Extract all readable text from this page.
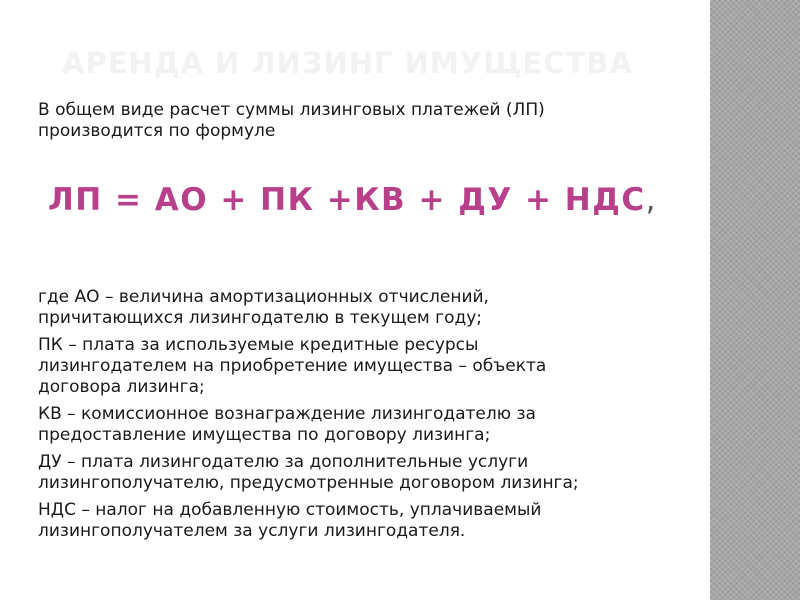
АРЕНДА И ЛИЗИНГ ИМУЩЕСТВА
В общем виде расчет суммы лизинговых платежей (ЛП)
производится по формуле
ЛП = АО + ПК +КВ + ДУ + НДС,
где АО – величина амортизационных отчислений,
причитающихся лизингодателю в текущем году;
ПК – плата за используемые кредитные ресурсы
лизингодателем на приобретение имущества – объекта
договора лизинга;
КВ – комиссионное вознаграждение лизингодателю за
предоставление имущества по договору лизинга;
ДУ – плата лизингодателю за дополнительные услуги
лизингополучателю, предусмотренные договором лизинга;
НДС – налог на добавленную стоимость, уплачиваемый
лизингополучателем за услуги лизингодателя.
